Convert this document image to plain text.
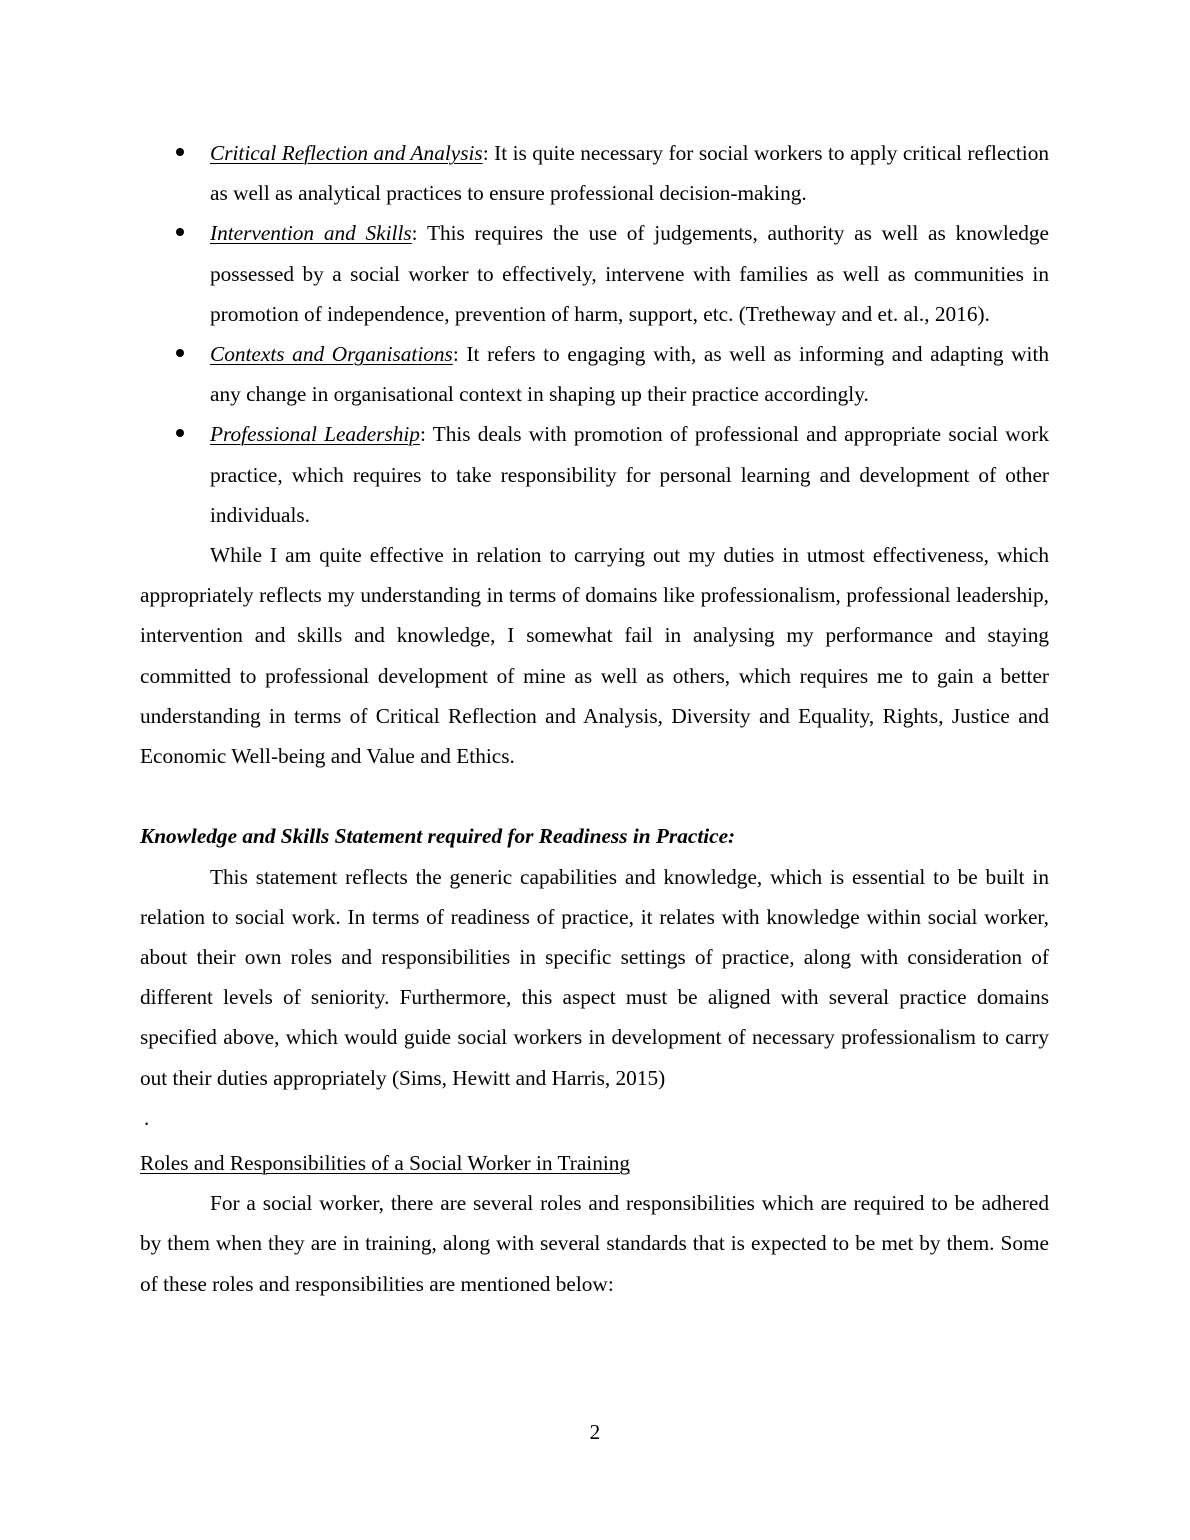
Critical Reflection and Analysis: It is quite necessary for social workers to apply critical reflection as well as analytical practices to ensure professional decision-making.
Intervention and Skills: This requires the use of judgements, authority as well as knowledge possessed by a social worker to effectively, intervene with families as well as communities in promotion of independence, prevention of harm, support, etc. (Tretheway and et. al., 2016).
Contexts and Organisations: It refers to engaging with, as well as informing and adapting with any change in organisational context in shaping up their practice accordingly.
Professional Leadership: This deals with promotion of professional and appropriate social work practice, which requires to take responsibility for personal learning and development of other individuals.

While I am quite effective in relation to carrying out my duties in utmost effectiveness, which appropriately reflects my understanding in terms of domains like professionalism, professional leadership, intervention and skills and knowledge, I somewhat fail in analysing my performance and staying committed to professional development of mine as well as others, which requires me to gain a better understanding in terms of Critical Reflection and Analysis, Diversity and Equality, Rights, Justice and Economic Well-being and Value and Ethics.

Knowledge and Skills Statement required for Readiness in Practice:

This statement reflects the generic capabilities and knowledge, which is essential to be built in relation to social work. In terms of readiness of practice, it relates with knowledge within social worker, about their own roles and responsibilities in specific settings of practice, along with consideration of different levels of seniority. Furthermore, this aspect must be aligned with several practice domains specified above, which would guide social workers in development of necessary professionalism to carry out their duties appropriately (Sims, Hewitt and Harris, 2015)

.
Roles and Responsibilities of a Social Worker in Training

For a social worker, there are several roles and responsibilities which are required to be adhered by them when they are in training, along with several standards that is expected to be met by them. Some of these roles and responsibilities are mentioned below:

2
